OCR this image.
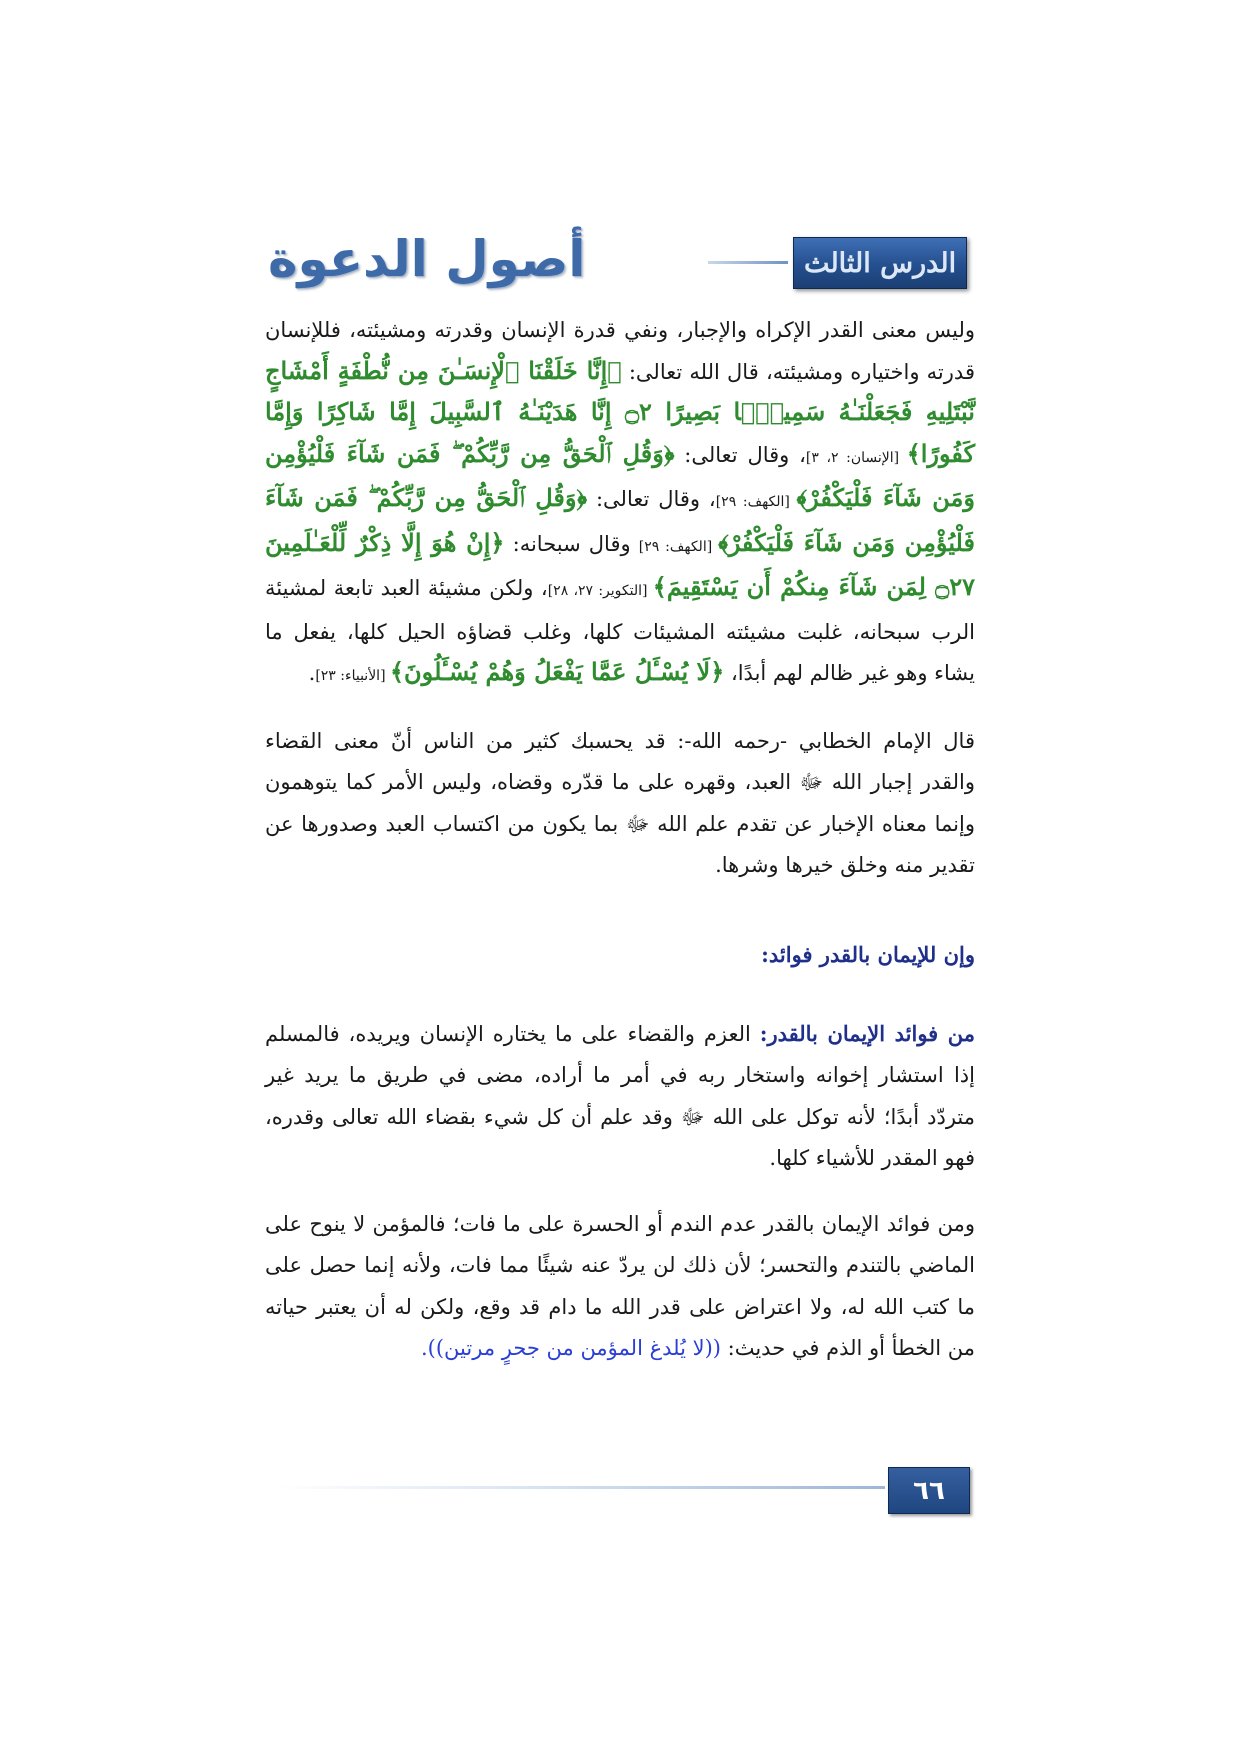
الدرس الثالث
أصول الدعوة

وليس معنى القدر الإكراه والإجبار، ونفي قدرة الإنسان وقدرته ومشيئته، فللإنسان قدرته واختياره ومشيئته، قال الله تعالى: ﴿إِنَّا خَلَقْنَا ٱلْإِنسَـٰنَ مِن نُّطْفَةٍ أَمْشَاجٍ نَّبْتَلِيهِ فَجَعَلْنَـٰهُ سَمِيعًۢا بَصِيرًا ۝٢ إِنَّا هَدَيْنَـٰهُ ٱلسَّبِيلَ إِمَّا شَاكِرًا وَإِمَّا كَفُورًا﴾ [الإنسان: ٢، ٣]، وقال تعالى: ﴿وَقُلِ ٱلْحَقُّ مِن رَّبِّكُمْ ۖ فَمَن شَآءَ فَلْيُؤْمِن وَمَن شَآءَ فَلْيَكْفُرْ﴾ [الكهف: ٢٩]، وقال تعالى: ﴿وَقُلِ ٱلْحَقُّ مِن رَّبِّكُمْ ۖ فَمَن شَآءَ فَلْيُؤْمِن وَمَن شَآءَ فَلْيَكْفُرْ﴾ [الكهف: ٢٩] وقال سبحانه: ﴿إِنْ هُوَ إِلَّا ذِكْرٌ لِّلْعَـٰلَمِينَ ۝٢٧ لِمَن شَآءَ مِنكُمْ أَن يَسْتَقِيمَ﴾ [التكوير: ٢٧، ٢٨]، ولكن مشيئة العبد تابعة لمشيئة الرب سبحانه، غلبت مشيئته المشيئات كلها، وغلب قضاؤه الحيل كلها، يفعل ما يشاء وهو غير ظالم لهم أبدًا، ﴿لَا يُسْـَٔلُ عَمَّا يَفْعَلُ وَهُمْ يُسْـَٔلُونَ﴾ [الأنبياء: ٢٣].

قال الإمام الخطابي -رحمه الله-: قد يحسبك كثير من الناس أنّ معنى القضاء والقدر إجبار الله ﷻ العبد، وقهره على ما قدّره وقضاه، وليس الأمر كما يتوهمون وإنما معناه الإخبار عن تقدم علم الله ﷻ بما يكون من اكتساب العبد وصدورها عن تقدير منه وخلق خيرها وشرها.

وإن للإيمان بالقدر فوائد:

من فوائد الإيمان بالقدر: العزم والقضاء على ما يختاره الإنسان ويريده، فالمسلم إذا استشار إخوانه واستخار ربه في أمر ما أراده، مضى في طريق ما يريد غير متردّد أبدًا؛ لأنه توكل على الله ﷻ وقد علم أن كل شيء بقضاء الله تعالى وقدره، فهو المقدر للأشياء كلها.

ومن فوائد الإيمان بالقدر عدم الندم أو الحسرة على ما فات؛ فالمؤمن لا ينوح على الماضي بالتندم والتحسر؛ لأن ذلك لن يردّ عنه شيئًا مما فات، ولأنه إنما حصل على ما كتب الله له، ولا اعتراض على قدر الله ما دام قد وقع، ولكن له أن يعتبر حياته من الخطأ أو الذم في حديث: ((لا يُلدغ المؤمن من جحرٍ مرتين)).

٦٦
